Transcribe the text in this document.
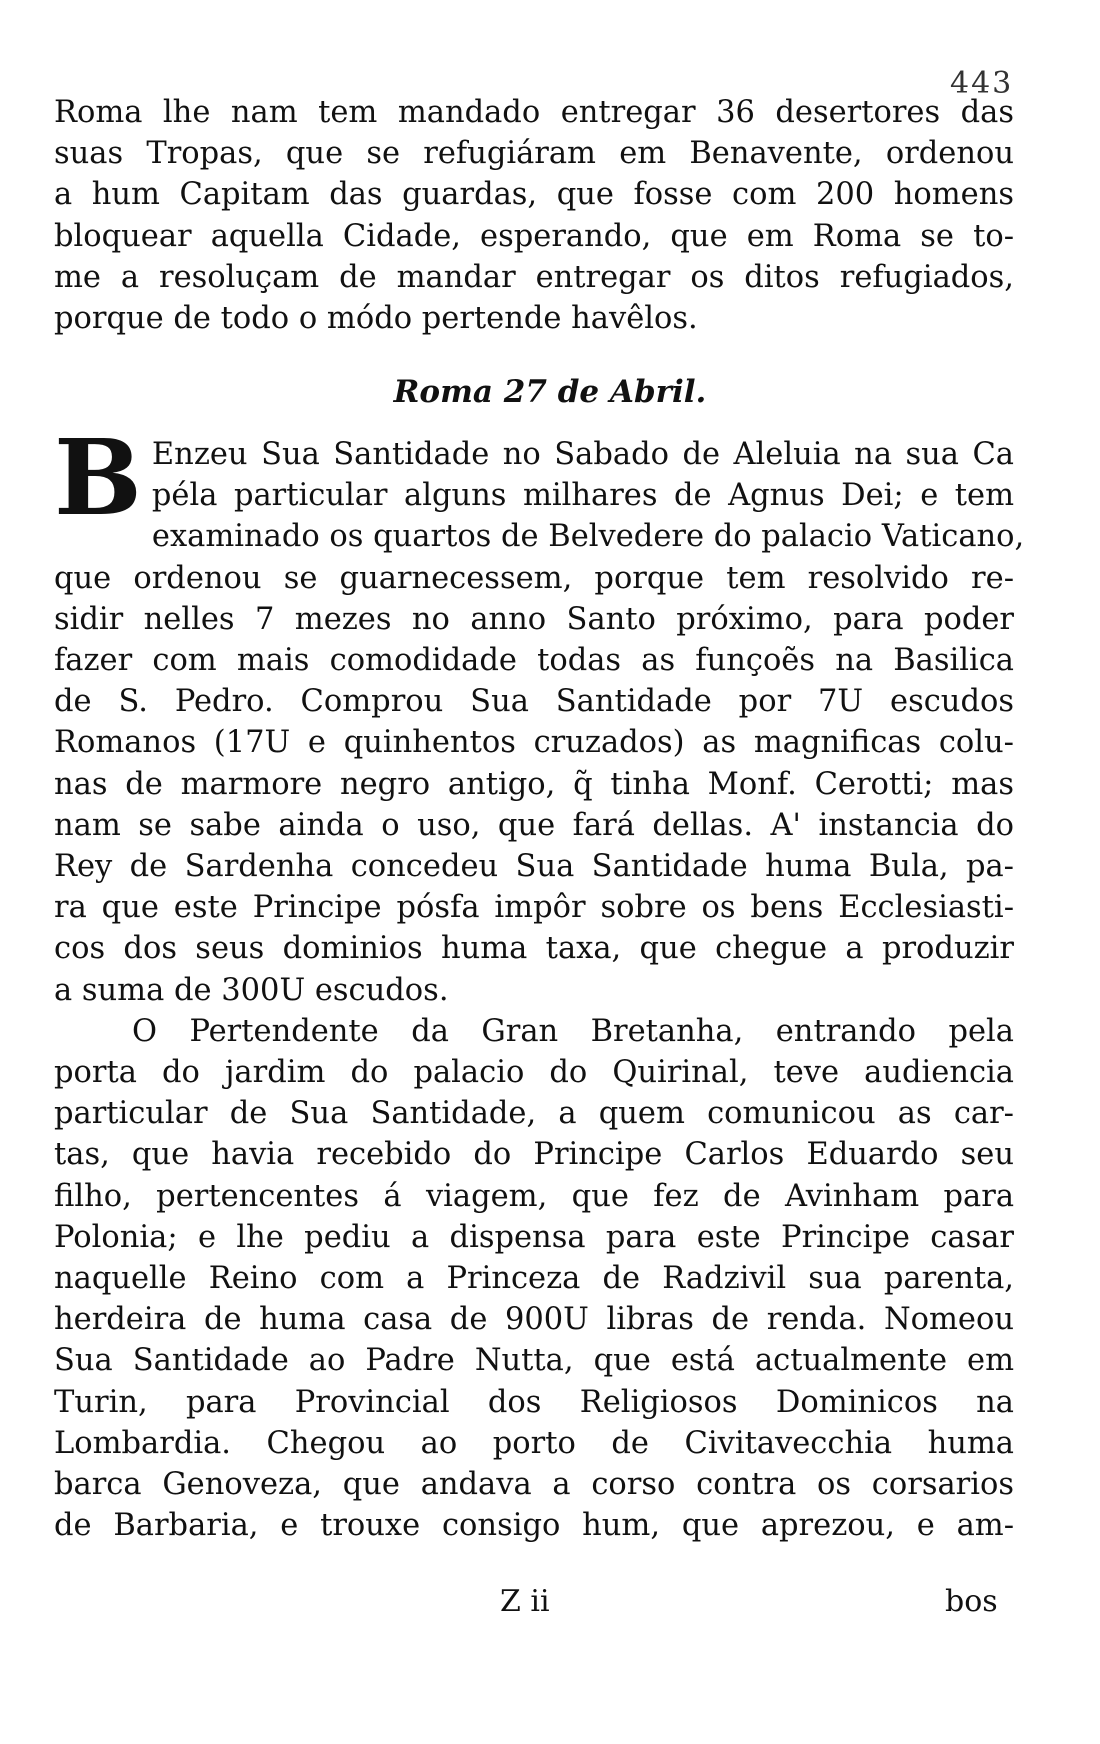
443
Roma lhe nam tem mandado entregar 36 desertores das
suas Tropas, que se refugiáram em Benavente, ordenou
a hum Capitam das guardas, que fosse com 200 homens
bloquear aquella Cidade, esperando, que em Roma se to-
me a resoluçam de mandar entregar os ditos refugiados,
porque de todo o módo pertende havêlos.
Roma 27 de Abril.
B Enzeu Sua Santidade no Sabado de Aleluia na sua Ca
péla particular alguns milhares de Agnus Dei; e tem
examinado os quartos de Belvedere do palacio Vaticano,
que ordenou se guarnecessem, porque tem resolvido re-
sidir nelles 7 mezes no anno Santo próximo, para poder
fazer com mais comodidade todas as funçoẽs na Basilica
de S. Pedro. Comprou Sua Santidade por 7U escudos
Romanos (17U e quinhentos cruzados) as magnificas colu-
nas de marmore negro antigo, q̃ tinha Monf. Cerotti; mas
nam se sabe ainda o uso, que fará dellas. A' instancia do
Rey de Sardenha concedeu Sua Santidade huma Bula, pa-
ra que este Principe pósfa impôr sobre os bens Ecclesiasti-
cos dos seus dominios huma taxa, que chegue a produzir
a suma de 300U escudos.
O Pertendente da Gran Bretanha, entrando pela
porta do jardim do palacio do Quirinal, teve audiencia
particular de Sua Santidade, a quem comunicou as car-
tas, que havia recebido do Principe Carlos Eduardo seu
filho, pertencentes á viagem, que fez de Avinham para
Polonia; e lhe pediu a dispensa para este Principe casar
naquelle Reino com a Princeza de Radzivil sua parenta,
herdeira de huma casa de 900U libras de renda. Nomeou
Sua Santidade ao Padre Nutta, que está actualmente em
Turin, para Provincial dos Religiosos Dominicos na
Lombardia. Chegou ao porto de Civitavecchia huma
barca Genoveza, que andava a corso contra os corsarios
de Barbaria, e trouxe consigo hum, que aprezou, e am-
Z ii	bos
